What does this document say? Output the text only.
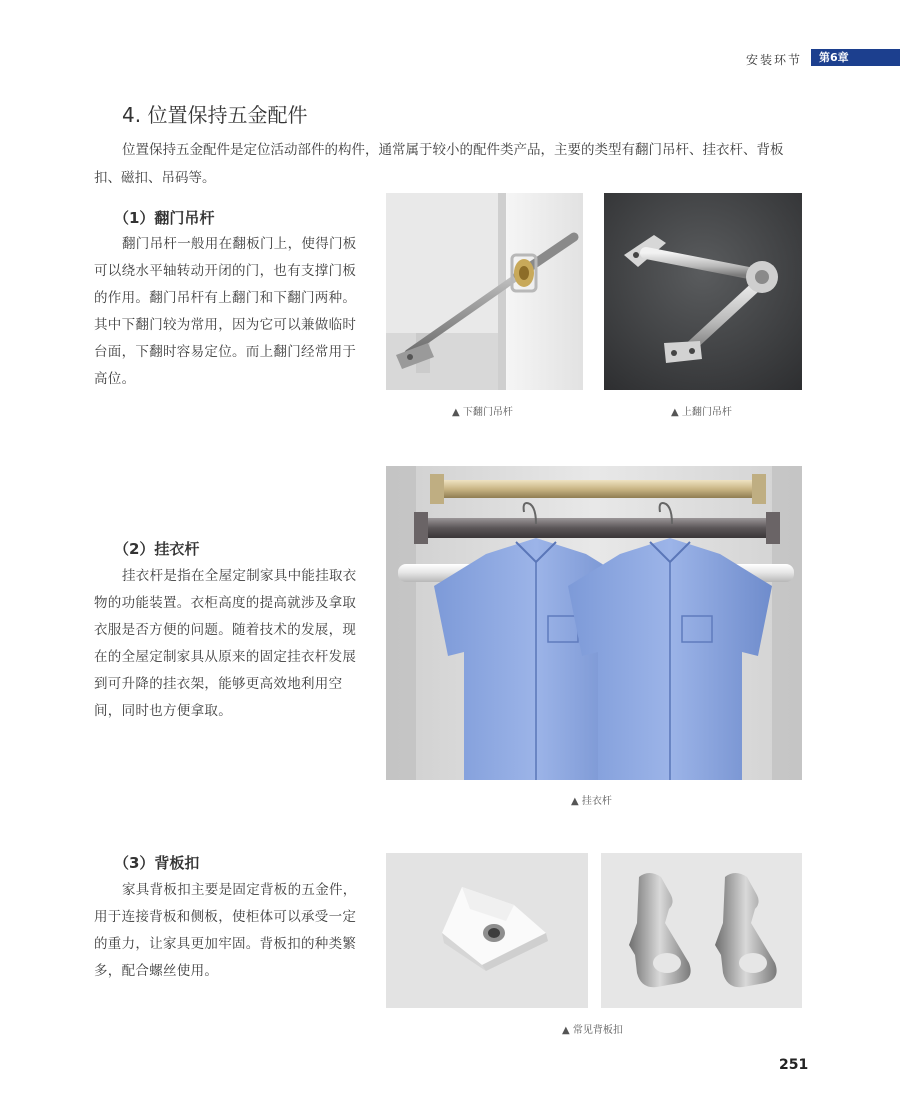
安装环节	第6章
4. 位置保持五金配件
位置保持五金配件是定位活动部件的构件，通常属于较小的配件类产品，主要的类型有翻门吊杆、挂衣杆、背板扣、磁扣、吊码等。
（1）翻门吊杆
翻门吊杆一般用在翻板门上，使得门板可以绕水平轴转动开闭的门，也有支撑门板的作用。翻门吊杆有上翻门和下翻门两种。其中下翻门较为常用，因为它可以兼做临时台面，下翻时容易定位。而上翻门经常用于高位。
▲ 下翻门吊杆
▲	上翻门吊杆
（2）挂衣杆
挂衣杆是指在全屋定制家具中能挂取衣物的功能装置。衣柜高度的提高就涉及拿取衣服是否方便的问题。随着技术的发展，现在的全屋定制家具从原来的固定挂衣杆发展到可升降的挂衣架，能够更高效地利用空间，同时也方便拿取。
▲ 挂衣杆
（3）背板扣
家具背板扣主要是固定背板的五金件，用于连接背板和侧板，使柜体可以承受一定的重力，让家具更加牢固。背板扣的种类繁多，配合螺丝使用。
▲ 常见背板扣
251
